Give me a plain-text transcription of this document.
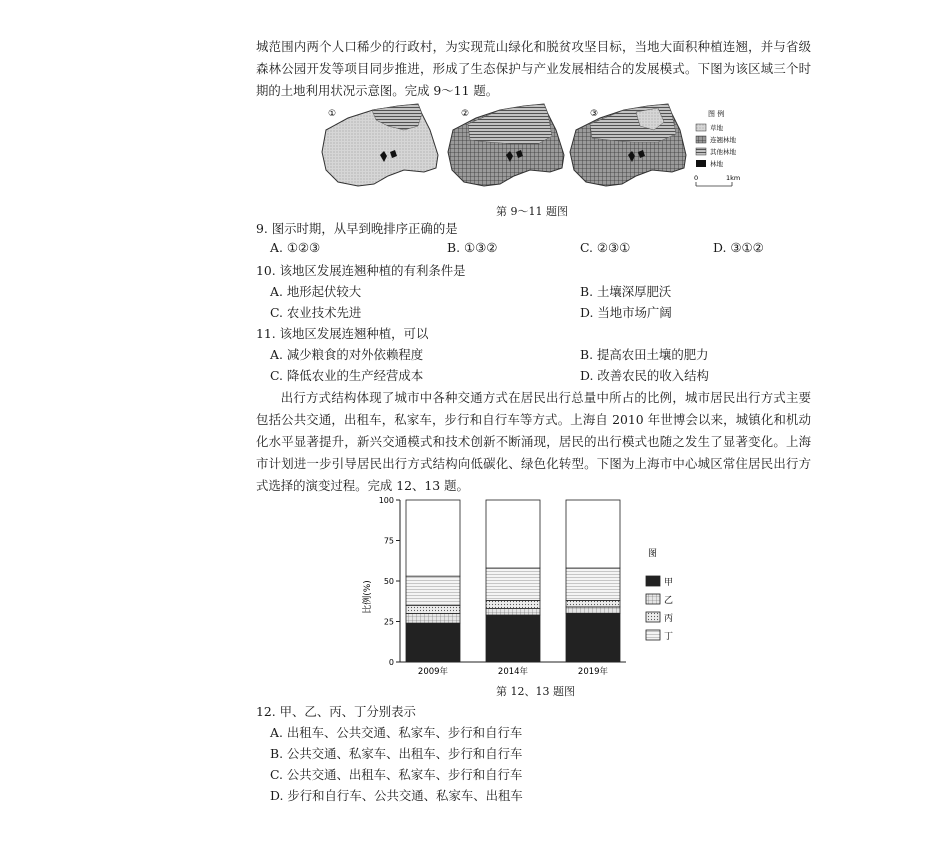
城范围内两个人口稀少的行政村，为实现荒山绿化和脱贫攻坚目标，当地大面积种植连翘，并与省级森林公园开发等项目同步推进，形成了生态保护与产业发展相结合的发展模式。下图为该区域三个时期的土地利用状况示意图。完成 9～11 题。

①	②	③	图 例
草地
连翘林地
其他林地
林地
0	1km
第 9～11 题图
9. 图示时期，从早到晚排序正确的是
A. ①②③	B. ①③②	C. ②③①	D. ③①②
10. 该地区发展连翘种植的有利条件是
A. 地形起伏较大	B. 土壤深厚肥沃
C. 农业技术先进	D. 当地市场广阔
11. 该地区发展连翘种植，可以
A. 减少粮食的对外依赖程度	B. 提高农田土壤的肥力
C. 降低农业的生产经营成本	D. 改善农民的收入结构

出行方式结构体现了城市中各种交通方式在居民出行总量中所占的比例，城市居民出行方式主要包括公共交通，出租车，私家车，步行和自行车等方式。上海自 2010 年世博会以来，城镇化和机动化水平显著提升，新兴交通模式和技术创新不断涌现，居民的出行模式也随之发生了显著变化。上海市计划进一步引导居民出行方式结构向低碳化、绿色化转型。下图为上海市中心城区常住居民出行方式选择的演变过程。完成 12、13 题。

比例(%)
0
25
50
75
100
2009年	2014年	2019年
图
甲
乙
丙
丁
第 12、13 题图
12. 甲、乙、丙、丁分别表示
A. 出租车、公共交通、私家车、步行和自行车
B. 公共交通、私家车、出租车、步行和自行车
C. 公共交通、出租车、私家车、步行和自行车
D. 步行和自行车、公共交通、私家车、出租车
